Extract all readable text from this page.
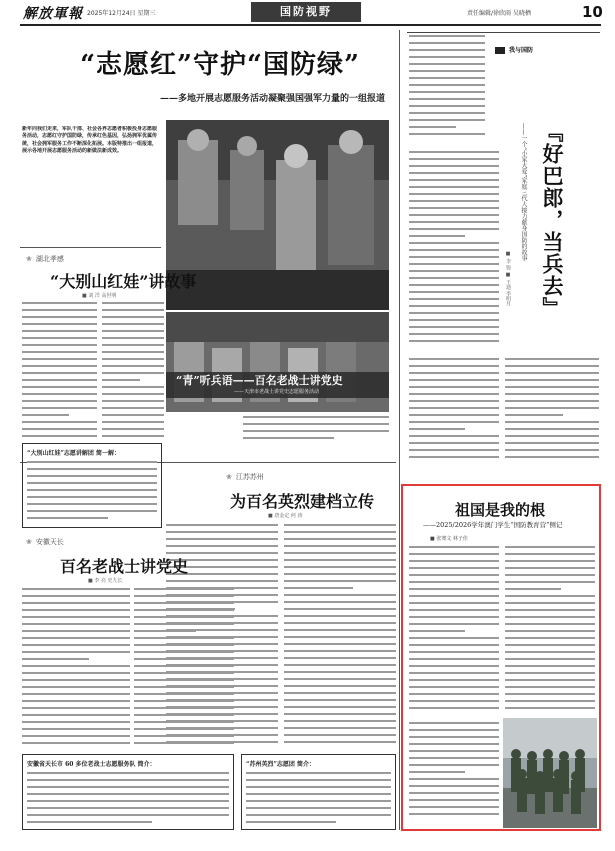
解放軍報 2025年12月24日 星期三	国防视野	责任编辑/徐欣雨 吴晓栖	10
“志愿红”守护“国防绿”
——多地开展志愿服务活动凝聚强国强军力量的一组报道
新年向我们走来，军队干部、社会各界志愿者积极投身志愿服务活动，志愿红守护国防绿，传承红色基因，弘扬拥军优属传统，社会拥军服务工作不断深化拓展。本版特推出一组报道，展示各地开展志愿服务活动的新做法新成效。
“青”听兵语——百名老战士讲党史
——天津市老战士讲党史志愿服务活动
❀ 湖北孝感
“大别山红娃”讲故事
■ 刘 洋 高世明
“大别山红娃”志愿讲解团 简一解：
❀ 江苏苏州
为百名英烈建档立传
■ 唐金定 何 涛
“苏州英烈”志愿团 简介：
❀ 安徽天长
百名老战士讲党史
■ 李 亮 史九长
安徽省天长市 60 多位老战士志愿服务队 简介：
我与国防
『好巴郎，当兵去』
——一个“小家大爱”家庭三代人接力献身国防的故事
■ 李 锐 ■ 王迪 李明月
祖国是我的根
——2025/2026学年澳门学生“国防教育营”侧记
■ 张骞文 林子佳
